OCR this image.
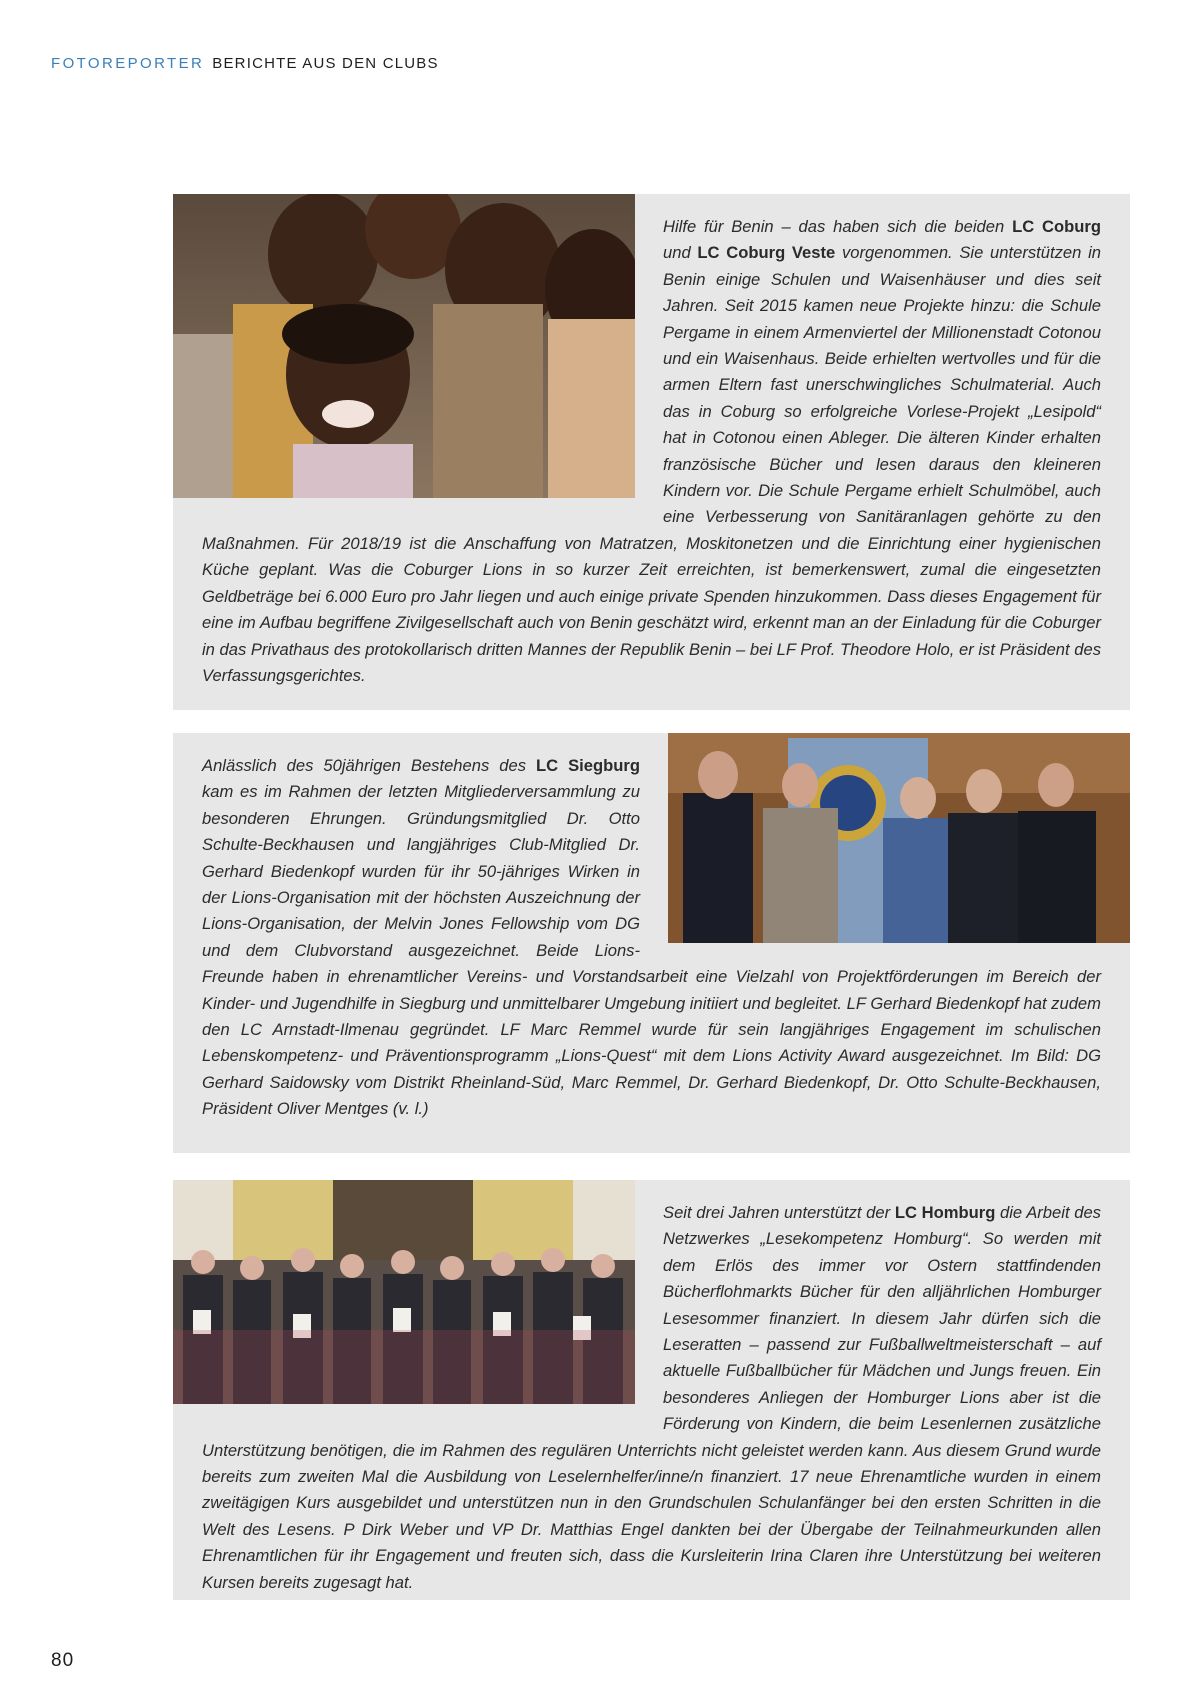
FOTOREPORTER BERICHTE AUS DEN CLUBS

Hilfe für Benin – das haben sich die beiden LC Coburg und LC Coburg Veste vorgenommen. Sie unterstützen in Benin einige Schulen und Waisenhäuser und dies seit Jahren. Seit 2015 kamen neue Projekte hinzu: die Schule Pergame in einem Armenviertel der Millionenstadt Cotonou und ein Waisenhaus. Beide erhielten wertvolles und für die armen Eltern fast unerschwingliches Schulmaterial. Auch das in Coburg so erfolgreiche Vorlese-Projekt „Lesipold“ hat in Cotonou einen Ableger. Die älteren Kinder erhalten französische Bücher und lesen daraus den kleineren Kindern vor. Die Schule Pergame erhielt Schulmöbel, auch eine Verbesserung von Sanitäranlagen gehörte zu den Maßnahmen. Für 2018/19 ist die Anschaffung von Matratzen, Moskitonetzen und die Einrichtung einer hygienischen Küche geplant. Was die Coburger Lions in so kurzer Zeit erreichten, ist bemerkenswert, zumal die eingesetzten Geldbeträge bei 6.000 Euro pro Jahr liegen und auch einige private Spenden hinzukommen. Dass dieses Engagement für eine im Aufbau begriffene Zivilgesellschaft auch von Benin geschätzt wird, erkennt man an der Einladung für die Coburger in das Privathaus des protokollarisch dritten Mannes der Republik Benin – bei LF Prof. Theodore Holo, er ist Präsident des Verfassungsgerichtes.

Anlässlich des 50jährigen Bestehens des LC Siegburg kam es im Rahmen der letzten Mitgliederversammlung zu besonderen Ehrungen. Gründungsmitglied Dr. Otto Schulte-Beckhausen und langjähriges Club-Mitglied Dr. Gerhard Biedenkopf wurden für ihr 50-jähriges Wirken in der Lions-Organisation mit der höchsten Auszeichnung der Lions-Organisation, der Melvin Jones Fellowship vom DG und dem Clubvorstand ausgezeichnet. Beide Lions-Freunde haben in ehrenamtlicher Vereins- und Vorstandsarbeit eine Vielzahl von Projektförderungen im Bereich der Kinder- und Jugendhilfe in Siegburg und unmittelbarer Umgebung initiiert und begleitet. LF Gerhard Biedenkopf hat zudem den LC Arnstadt-Ilmenau gegründet. LF Marc Remmel wurde für sein langjähriges Engagement im schulischen Lebenskompetenz- und Präventionsprogramm „Lions-Quest“ mit dem Lions Activity Award ausgezeichnet. Im Bild: DG Gerhard Saidowsky vom Distrikt Rheinland-Süd, Marc Remmel, Dr. Gerhard Biedenkopf, Dr. Otto Schulte-Beckhausen, Präsident Oliver Mentges (v. l.)

Seit drei Jahren unterstützt der LC Homburg die Arbeit des Netzwerkes „Lesekompetenz Homburg“. So werden mit dem Erlös des immer vor Ostern stattfindenden Bücherflohmarkts Bücher für den alljährlichen Homburger Lesesommer finanziert. In diesem Jahr dürfen sich die Leseratten – passend zur Fußballweltmeisterschaft – auf aktuelle Fußballbücher für Mädchen und Jungs freuen. Ein besonderes Anliegen der Homburger Lions aber ist die Förderung von Kindern, die beim Lesenlernen zusätzliche Unterstützung benötigen, die im Rahmen des regulären Unterrichts nicht geleistet werden kann. Aus diesem Grund wurde bereits zum zweiten Mal die Ausbildung von Leselernhelfer/inne/n finanziert. 17 neue Ehrenamtliche wurden in einem zweitägigen Kurs ausgebildet und unterstützen nun in den Grundschulen Schulanfänger bei den ersten Schritten in die Welt des Lesens. P Dirk Weber und VP Dr. Matthias Engel dankten bei der Übergabe der Teilnahmeurkunden allen Ehrenamtlichen für ihr Engagement und freuten sich, dass die Kursleiterin Irina Claren ihre Unterstützung bei weiteren Kursen bereits zugesagt hat.

80
